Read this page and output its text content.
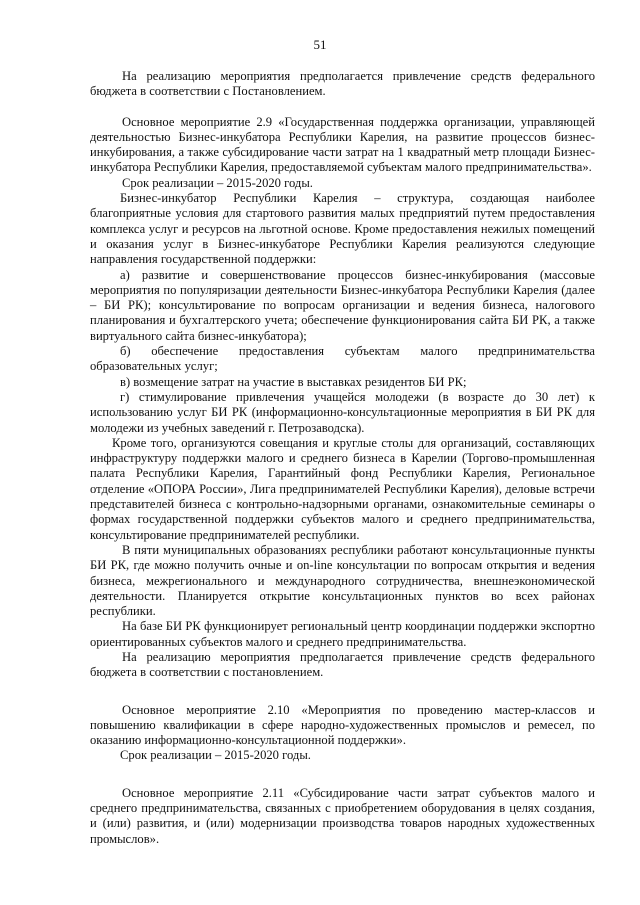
51

На реализацию мероприятия предполагается привлечение средств федерального бюджета в соответствии с Постановлением.

Основное мероприятие 2.9 «Государственная поддержка организации, управляющей деятельностью Бизнес-инкубатора Республики Карелия, на развитие процессов бизнес-инкубирования, а также субсидирование части затрат на 1 квадратный метр площади Бизнес-инкубатора Республики Карелия, предоставляемой субъектам малого предпринимательства».

Срок реализации – 2015-2020 годы.

Бизнес-инкубатор Республики Карелия – структура, создающая наиболее благоприятные условия для стартового развития малых предприятий путем предоставления комплекса услуг и ресурсов на льготной основе. Кроме предоставления нежилых помещений и оказания услуг в Бизнес-инкубаторе Республики Карелия реализуются следующие направления государственной поддержки:

а) развитие и совершенствование процессов бизнес-инкубирования (массовые мероприятия по популяризации деятельности Бизнес-инкубатора Республики Карелия (далее – БИ РК); консультирование по вопросам организации и ведения бизнеса, налогового планирования и бухгалтерского учета; обеспечение функционирования сайта БИ РК, а также виртуального сайта бизнес-инкубатора);

б) обеспечение предоставления субъектам малого предпринимательства образовательных услуг;

в) возмещение затрат на участие в выставках резидентов БИ РК;

г) стимулирование привлечения учащейся молодежи (в возрасте до 30 лет) к использованию услуг БИ РК (информационно-консультационные мероприятия в БИ РК для молодежи из учебных заведений г. Петрозаводска).

Кроме того, организуются совещания и круглые столы для организаций, составляющих инфраструктуру поддержки малого и среднего бизнеса в Карелии (Торгово-промышленная палата Республики Карелия, Гарантийный фонд Республики Карелия, Региональное отделение «ОПОРА России», Лига предпринимателей Республики Карелия), деловые встречи представителей бизнеса с контрольно-надзорными органами, ознакомительные семинары о формах государственной поддержки субъектов малого и среднего предпринимательства, консультирование предпринимателей республики.

В пяти муниципальных образованиях республики работают консультационные пункты БИ РК, где можно получить очные и on-line консультации по вопросам открытия и ведения бизнеса, межрегионального и международного сотрудничества, внешнеэкономической деятельности. Планируется открытие консультационных пунктов во всех районах республики.

На базе БИ РК функционирует региональный центр координации поддержки экспортно ориентированных субъектов малого и среднего предпринимательства.

На реализацию мероприятия предполагается привлечение средств федерального бюджета в соответствии с постановлением.

Основное мероприятие 2.10 «Мероприятия по проведению мастер-классов и повышению квалификации в сфере народно-художественных промыслов и ремесел, по оказанию информационно-консультационной поддержки».

Срок реализации – 2015-2020 годы.

Основное мероприятие 2.11 «Субсидирование части затрат субъектов малого и среднего предпринимательства, связанных с приобретением оборудования в целях создания, и (или) развития, и (или) модернизации производства товаров народных художественных промыслов».
